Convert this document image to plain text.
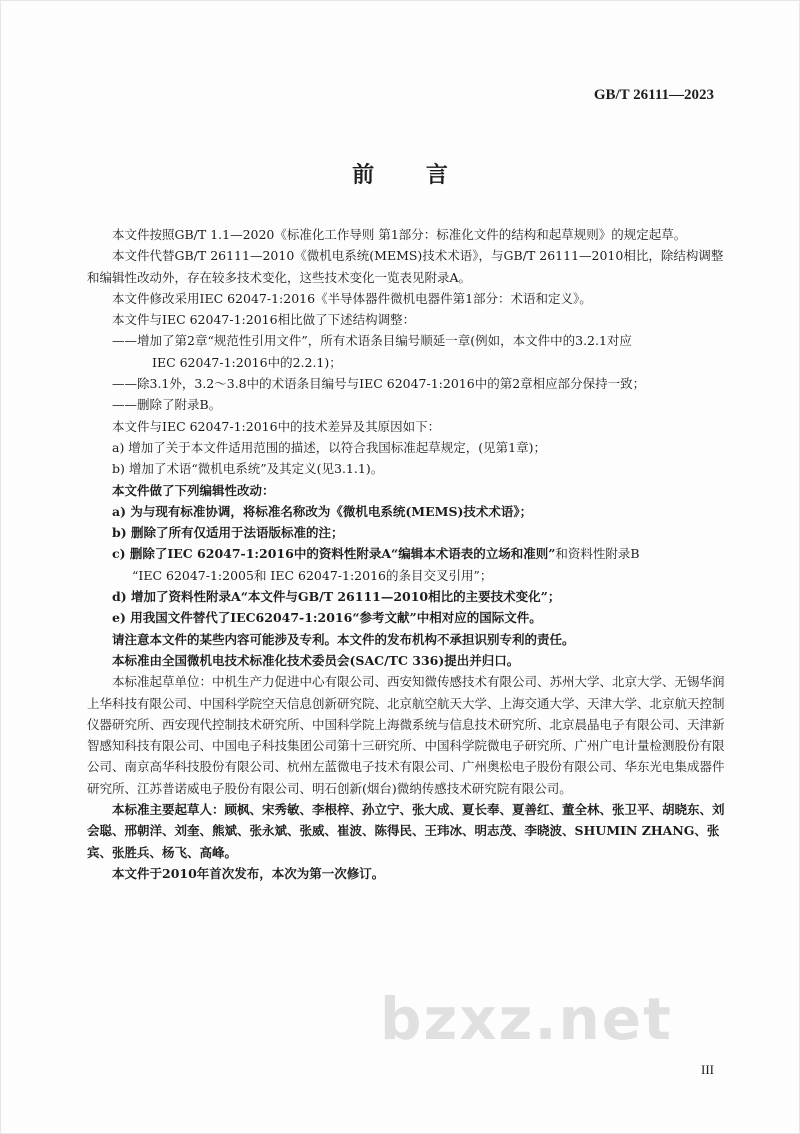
GB/T 26111—2023
前 言

本文件按照GB/T 1.1—2020《标准化工作导则 第1部分：标准化文件的结构和起草规则》的规定起草。

本文件代替GB/T 26111—2010《微机电系统(MEMS)技术术语》，与GB/T 26111—2010相比，除结构调整和编辑性改动外，存在较多技术变化，这些技术变化一览表见附录A。

本文件修改采用IEC 62047-1:2016《半导体器件微机电器件第1部分：术语和定义》。

本文件与IEC 62047-1:2016相比做了下述结构调整：

——增加了第2章“规范性引用文件”，所有术语条目编号顺延一章(例如，本文件中的3.2.1对应

IEC 62047-1:2016中的2.2.1)；

——除3.1外，3.2～3.8中的术语条目编号与IEC 62047-1:2016中的第2章相应部分保持一致；

——删除了附录B。

本文件与IEC 62047-1:2016中的技术差异及其原因如下：

a) 增加了关于本文件适用范围的描述，以符合我国标准起草规定，(见第1章)；

b) 增加了术语“微机电系统”及其定义(见3.1.1)。

本文件做了下列编辑性改动：

a) 为与现有标准协调，将标准名称改为《微机电系统(MEMS)技术术语》；

b) 删除了所有仅适用于法语版标准的注；

c) 删除了IEC 62047-1:2016中的资料性附录A“编辑本术语表的立场和准则”和资料性附录B

“IEC 62047-1:2005和 IEC 62047-1:2016的条目交叉引用”；

d) 增加了资料性附录A“本文件与GB/T 26111—2010相比的主要技术变化”；

e) 用我国文件替代了IEC62047-1:2016“参考文献”中相对应的国际文件。

请注意本文件的某些内容可能涉及专利。本文件的发布机构不承担识别专利的责任。

本标准由全国微机电技术标准化技术委员会(SAC/TC 336)提出并归口。

本标准起草单位：中机生产力促进中心有限公司、西安知微传感技术有限公司、苏州大学、北京大学、无锡华润上华科技有限公司、中国科学院空天信息创新研究院、北京航空航天大学、上海交通大学、天津大学、北京航天控制仪器研究所、西安现代控制技术研究所、中国科学院上海微系统与信息技术研究所、北京晨晶电子有限公司、天津新智感知科技有限公司、中国电子科技集团公司第十三研究所、中国科学院微电子研究所、广州广电计量检测股份有限公司、南京高华科技股份有限公司、杭州左蓝微电子技术有限公司、广州奥松电子股份有限公司、华东光电集成器件研究所、江苏普诺威电子股份有限公司、明石创新(烟台)微纳传感技术研究院有限公司。

本标准主要起草人：顾枫、宋秀敏、李根梓、孙立宁、张大成、夏长奉、夏善红、董全林、张卫平、胡晓东、刘会聪、邢朝洋、刘奎、熊斌、张永斌、张威、崔波、陈得民、王玮冰、明志茂、李晓波、SHUMIN ZHANG、张宾、张胜兵、杨飞、高峰。

本文件于2010年首次发布，本次为第一次修订。

bzxz.net
III
